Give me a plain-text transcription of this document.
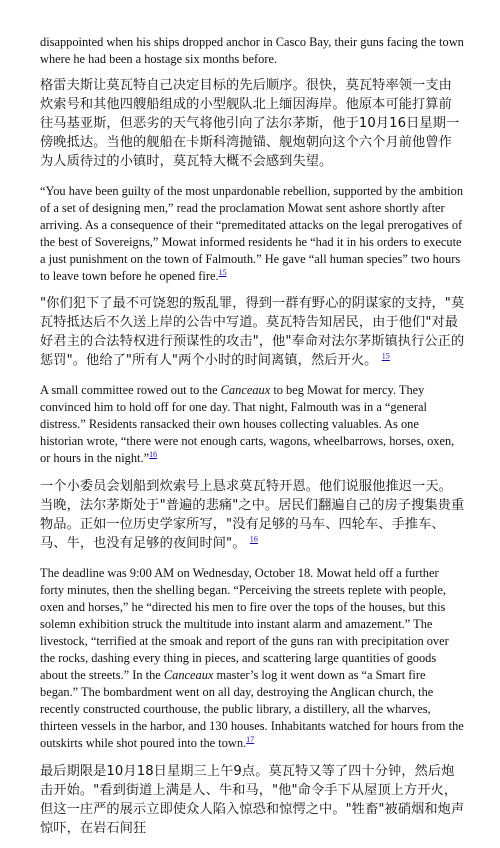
disappointed when his ships dropped anchor in Casco Bay, their guns facing the town where he had been a hostage six months before.

格雷夫斯让莫瓦特自己决定目标的先后顺序。很快，莫瓦特率领一支由炊索号和其他四艘船组成的小型舰队北上缅因海岸。他原本可能打算前往马基亚斯，但恶劣的天气将他引向了法尔茅斯，他于10月16日星期一傍晚抵达。当他的舰船在卡斯科湾抛锚、舰炮朝向这个六个月前他曾作为人质待过的小镇时，莫瓦特大概不会感到失望。

“You have been guilty of the most unpardonable rebellion, supported by the ambition of a set of designing men,” read the proclamation Mowat sent ashore shortly after arriving. As a consequence of their “premeditated attacks on the legal prerogatives of the best of Sovereigns,” Mowat informed residents he “had it in his orders to execute a just punishment on the town of Falmouth.” He gave “all human species” two hours to leave town before he opened fire.$^{15}$

"你们犯下了最不可饶恕的叛乱罪，得到一群有野心的阴谋家的支持，"莫瓦特抵达后不久送上岸的公告中写道。莫瓦特告知居民，由于他们"对最好君主的合法特权进行预谋性的攻击"，他"奉命对法尔茅斯镇执行公正的惩罚"。他给了"所有人"两个小时的时间离镇，然后开火。 $^{15}$

A small committee rowed out to the Canceaux to beg Mowat for mercy. They convinced him to hold off for one day. That night, Falmouth was in a “general distress.” Residents ransacked their own houses collecting valuables. As one historian wrote, “there were not enough carts, wagons, wheelbarrows, horses, oxen, or hours in the night.”$^{16}$

一个小委员会划船到炊索号上恳求莫瓦特开恩。他们说服他推迟一天。当晚，法尔茅斯处于"普遍的悲痛"之中。居民们翻遍自己的房子搜集贵重物品。正如一位历史学家所写，"没有足够的马车、四轮车、手推车、马、牛，也没有足够的夜间时间"。 $^{16}$

The deadline was 9:00 AM on Wednesday, October 18. Mowat held off a further forty minutes, then the shelling began. “Perceiving the streets replete with people, oxen and horses,” he “directed his men to fire over the tops of the houses, but this solemn exhibition struck the multitude into instant alarm and amazement.” The livestock, “terrified at the smoak and report of the guns ran with precipitation over the rocks, dashing every thing in pieces, and scattering large quantities of goods about the streets.” In the Canceaux master’s log it went down as “a Smart fire began.” The bombardment went on all day, destroying the Anglican church, the recently constructed courthouse, the public library, a distillery, all the wharves, thirteen vessels in the harbor, and 130 houses. Inhabitants watched for hours from the outskirts while shot poured into the town.$^{17}$

最后期限是10月18日星期三上午9点。莫瓦特又等了四十分钟，然后炮击开始。"看到街道上满是人、牛和马，"他"命令手下从屋顶上方开火，但这一庄严的展示立即使众人陷入惊恐和惊愕之中。"牲畜"被硝烟和炮声惊吓，在岩石间狂
